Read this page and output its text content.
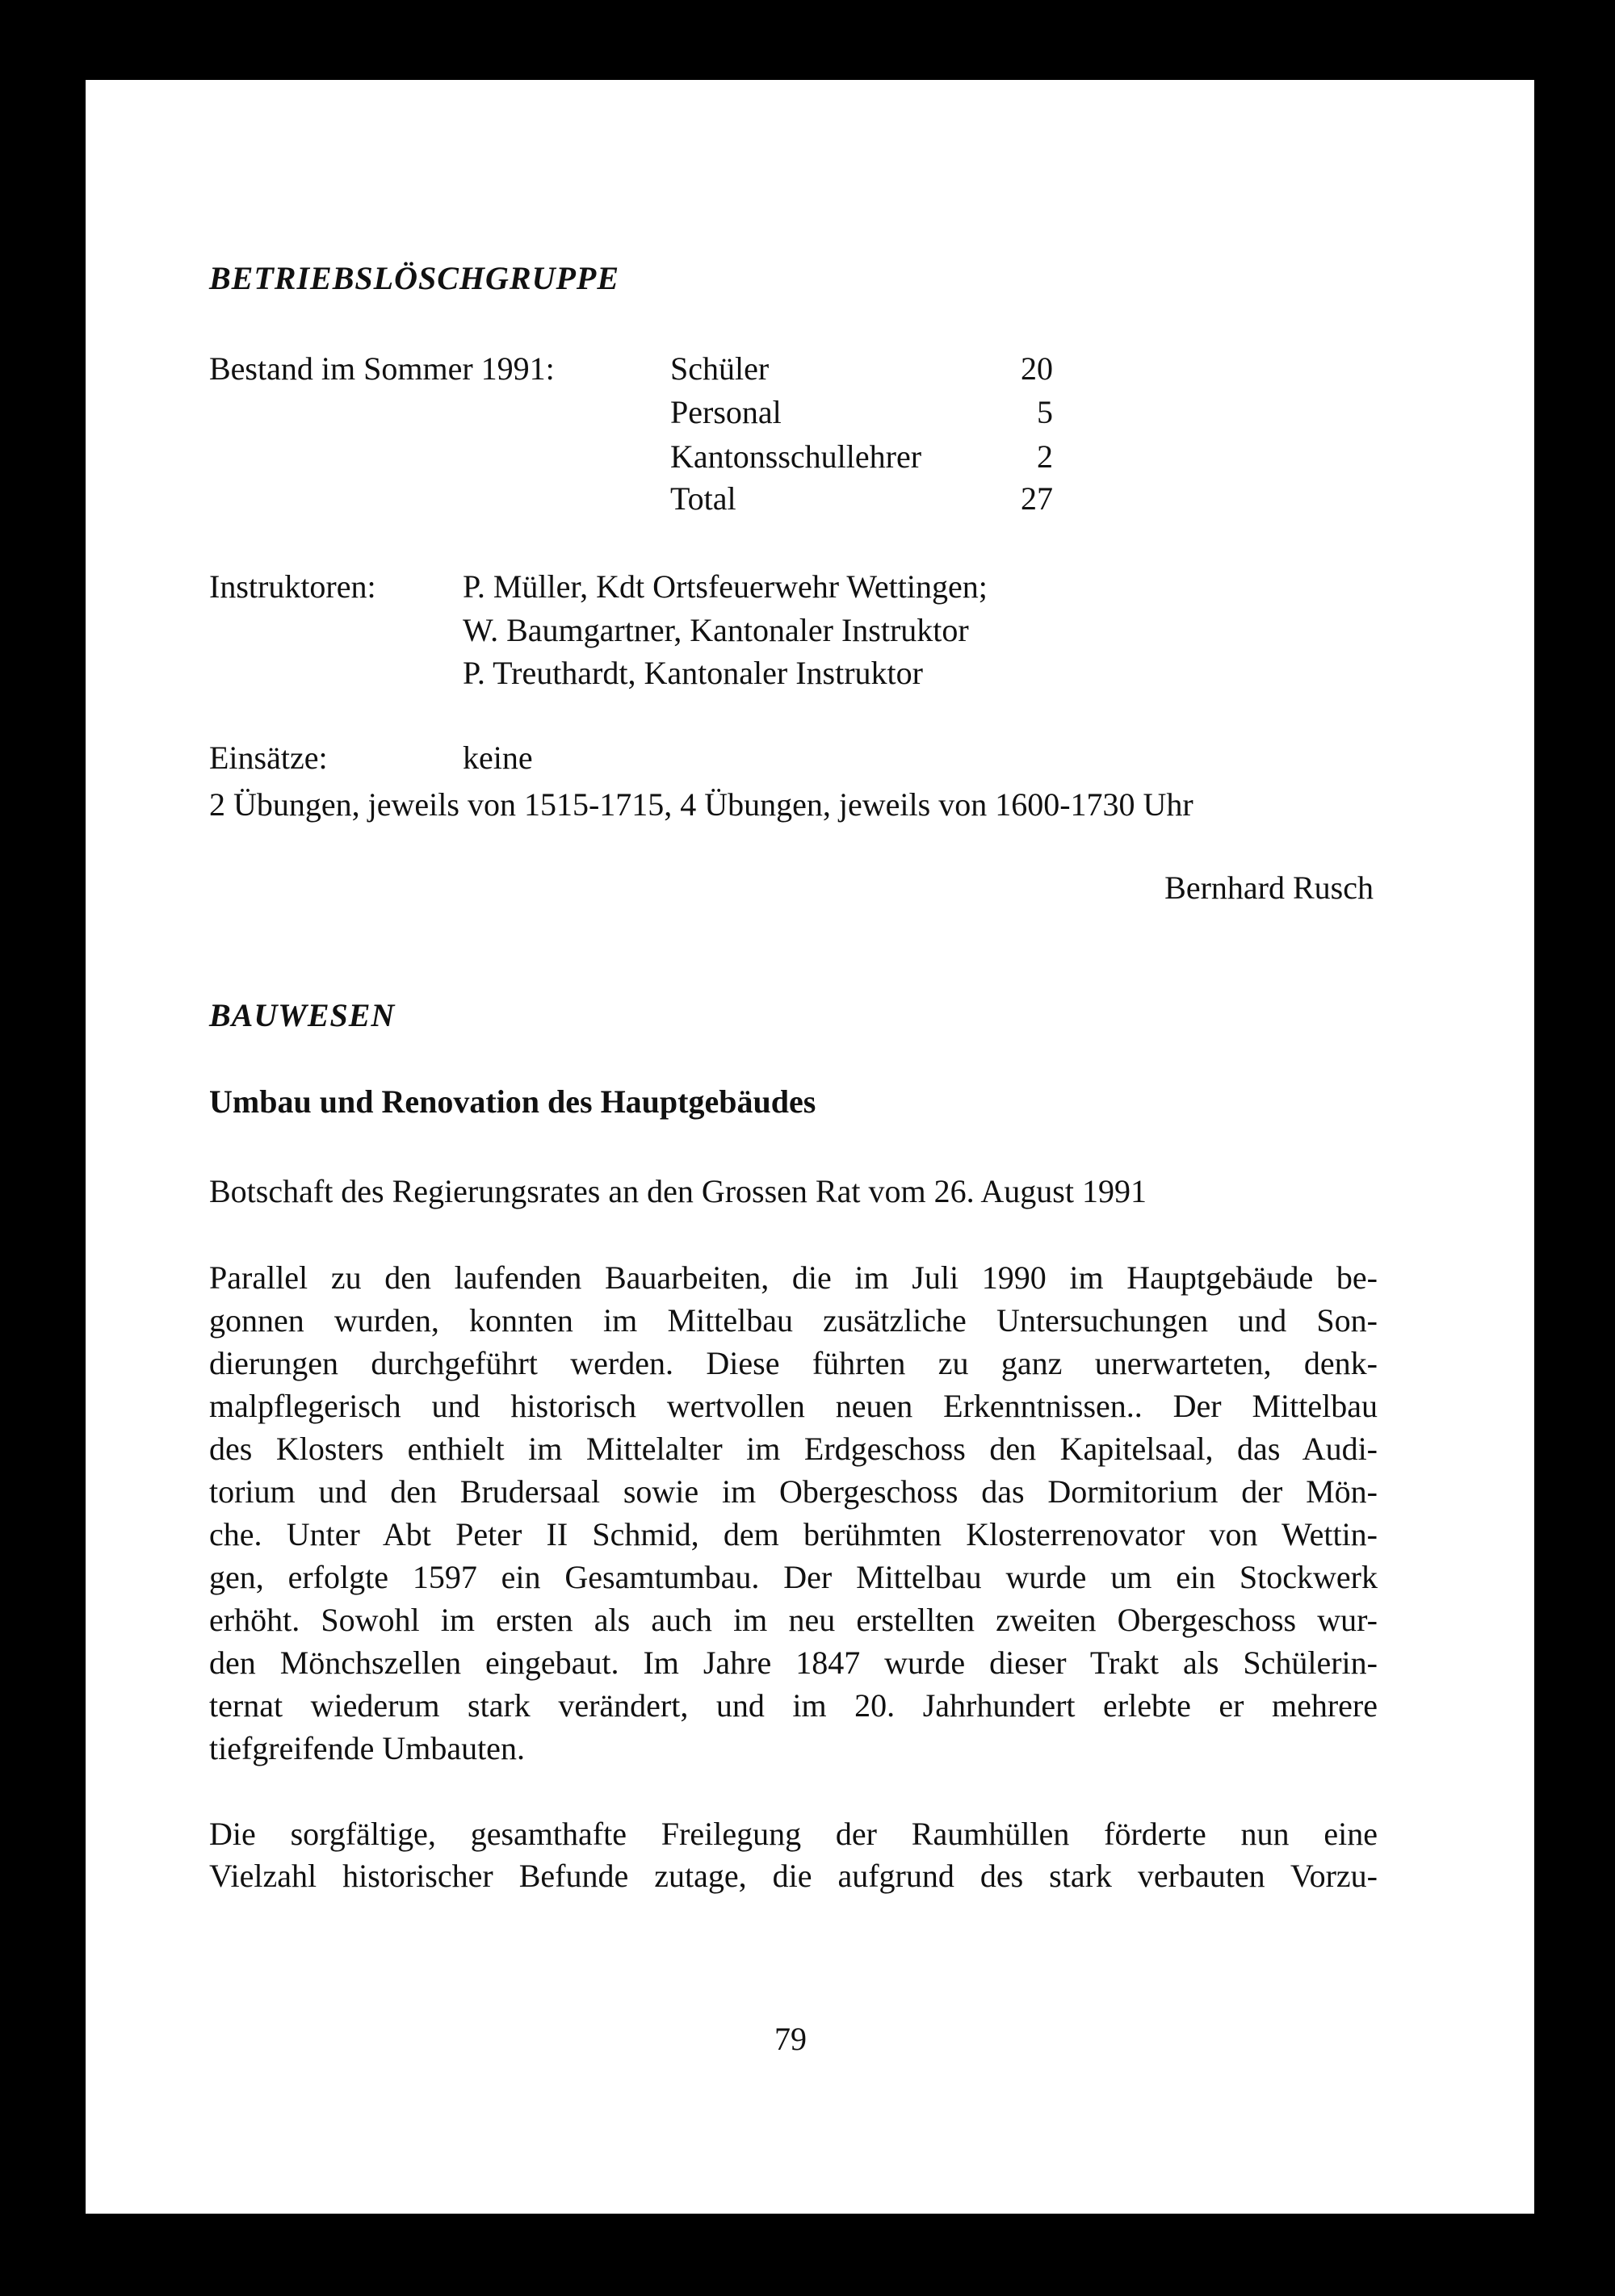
BETRIEBSLÖSCHGRUPPE
Bestand im Sommer 1991:	Schüler	20
Personal	5
Kantonsschullehrer	2
Total	27
Instruktoren:	P. Müller, Kdt Ortsfeuerwehr Wettingen;
W. Baumgartner, Kantonaler Instruktor
P. Treuthardt, Kantonaler Instruktor
Einsätze:	keine
2 Übungen, jeweils von 1515-1715, 4 Übungen, jeweils von 1600-1730 Uhr
Bernhard Rusch
BAUWESEN
Umbau und Renovation des Hauptgebäudes
Botschaft des Regierungsrates an den Grossen Rat vom 26. August 1991
Parallel zu den laufenden Bauarbeiten, die im Juli 1990 im Hauptgebäude be-
gonnen wurden, konnten im Mittelbau zusätzliche Untersuchungen und Son-
dierungen durchgeführt werden. Diese führten zu ganz unerwarteten, denk-
malpflegerisch und historisch wertvollen neuen Erkenntnissen.. Der Mittelbau
des Klosters enthielt im Mittelalter im Erdgeschoss den Kapitelsaal, das Audi-
torium und den Brudersaal sowie im Obergeschoss das Dormitorium der Mön-
che. Unter Abt Peter II Schmid, dem berühmten Klosterrenovator von Wettin-
gen, erfolgte 1597 ein Gesamtumbau. Der Mittelbau wurde um ein Stockwerk
erhöht. Sowohl im ersten als auch im neu erstellten zweiten Obergeschoss wur-
den Mönchszellen eingebaut. Im Jahre 1847 wurde dieser Trakt als Schülerin-
ternat wiederum stark verändert, und im 20. Jahrhundert erlebte er mehrere
tiefgreifende Umbauten.
Die sorgfältige, gesamthafte Freilegung der Raumhüllen förderte nun eine
Vielzahl historischer Befunde zutage, die aufgrund des stark verbauten Vorzu-
79
